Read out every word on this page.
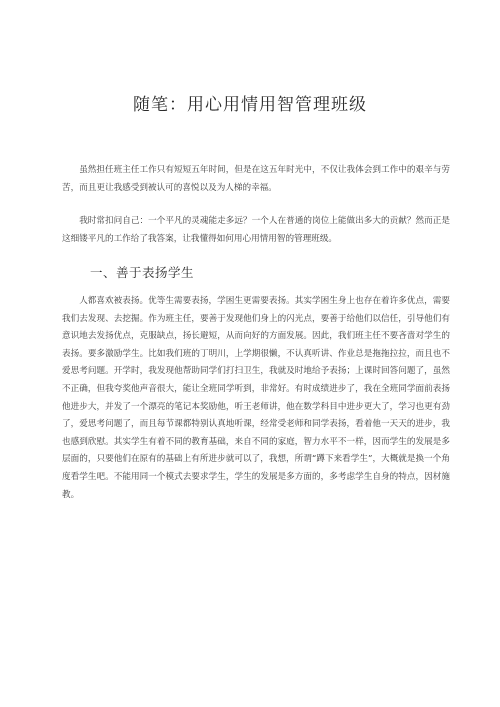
随笔：用心用情用智管理班级

虽然担任班主任工作只有短短五年时间，但是在这五年时光中，不仅让我体会到工作中的艰辛与劳苦，而且更让我感受到被认可的喜悦以及为人梯的幸福。

我时常扣问自己：一个平凡的灵魂能走多远？一个人在普通的岗位上能做出多大的贡献？然而正是这细镂平凡的工作给了我答案，让我懂得如何用心用情用智的管理班级。

一、善于表扬学生

人都喜欢被表扬。优等生需要表扬，学困生更需要表扬。其实学困生身上也存在着许多优点，需要我们去发现、去挖掘。作为班主任，要善于发现他们身上的闪光点，要善于给他们以信任，引导他们有意识地去发扬优点，克服缺点，扬长避短，从而向好的方面发展。因此，我们班主任不要吝啬对学生的表扬。要多激励学生。比如我们班的丁明川，上学期很懒，不认真听讲、作业总是拖拖拉拉，而且也不爱思考问题。开学时，我发现他帮助同学们打扫卫生，我就及时地给予表扬；上课时回答问题了，虽然不正确，但我夸奖他声音很大，能让全班同学听到，非常好。有时成绩进步了，我在全班同学面前表扬他进步大，并发了一个漂亮的笔记本奖励他，听王老师讲，他在数学科目中进步更大了，学习也更有劲了，爱思考问题了，而且每节课都特别认真地听课，经常受老师和同学表扬，看着他一天天的进步，我也感到欣慰。其实学生有着不同的教育基础，来自不同的家庭，智力水平不一样，因而学生的发展是多层面的，只要他们在原有的基础上有所进步就可以了，我想，所谓“蹲下来看学生”，大概就是换一个角度看学生吧。不能用同一个模式去要求学生，学生的发展是多方面的，多考虑学生自身的特点，因材施教。
